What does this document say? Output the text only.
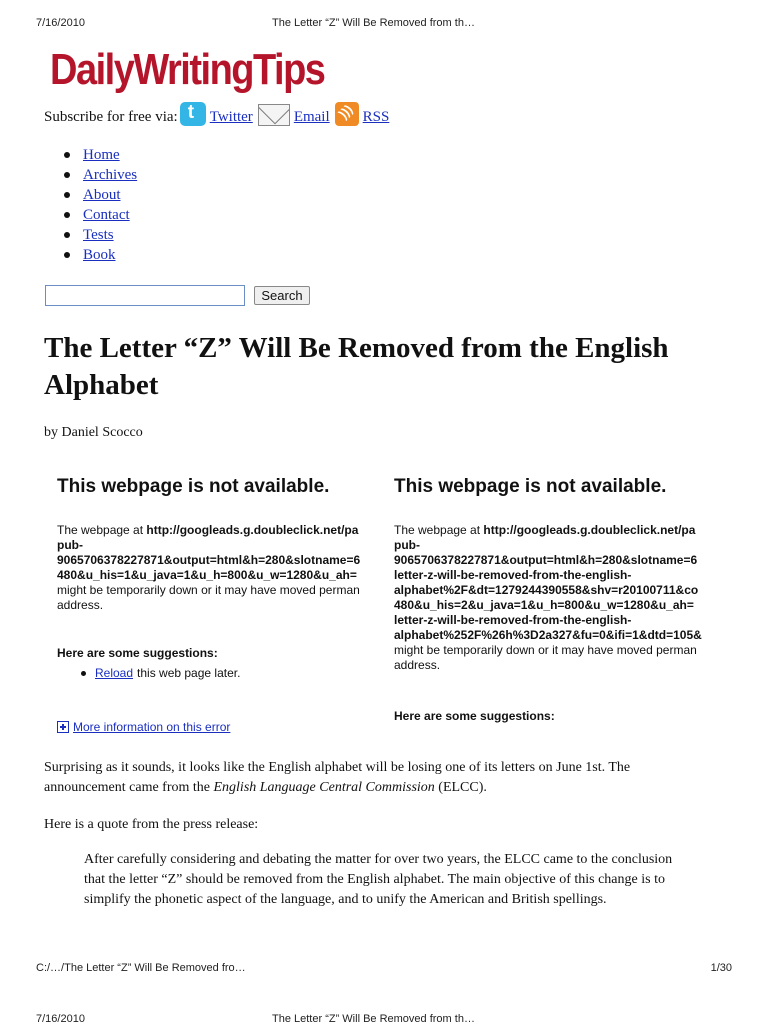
7/16/2010	The Letter “Z” Will Be Removed from th…
DailyWritingTips
Subscribe for free via: t Twitter	Email ))) RSS
Home
Archives
About
Contact
Tests
Book
Search
The Letter “Z” Will Be Removed from the English Alphabet
by Daniel Scocco
This webpage is not available.
The webpage at http://googleads.g.doubleclick.net/pa
pub-
9065706378227871&output=html&h=280&slotname=6
480&u_his=1&u_java=1&u_h=800&u_w=1280&u_ah=
might be temporarily down or it may have moved perman
address.
Here are some suggestions:
Reload this web page later.
This webpage is not available.
The webpage at http://googleads.g.doubleclick.net/pa
pub-
9065706378227871&output=html&h=280&slotname=6
letter-z-will-be-removed-from-the-english-
alphabet%2F&dt=1279244390558&shv=r20100711&co
480&u_his=2&u_java=1&u_h=800&u_w=1280&u_ah=
letter-z-will-be-removed-from-the-english-
alphabet%252F%26h%3D2a327&fu=0&ifi=1&dtd=105&
might be temporarily down or it may have moved perman
address.
Here are some suggestions:
More information on this error

Surprising as it sounds, it looks like the English alphabet will be losing one of its letters on June 1st. The announcement came from the English Language Central Commission (ELCC).

Here is a quote from the press release:

After carefully considering and debating the matter for over two years, the ELCC came to the conclusion that the letter “Z” should be removed from the English alphabet. The main objective of this change is to simplify the phonetic aspect of the language, and to unify the American and British spellings.
C:/…/The Letter “Z” Will Be Removed fro…	1/30
7/16/2010	The Letter “Z” Will Be Removed from th…
